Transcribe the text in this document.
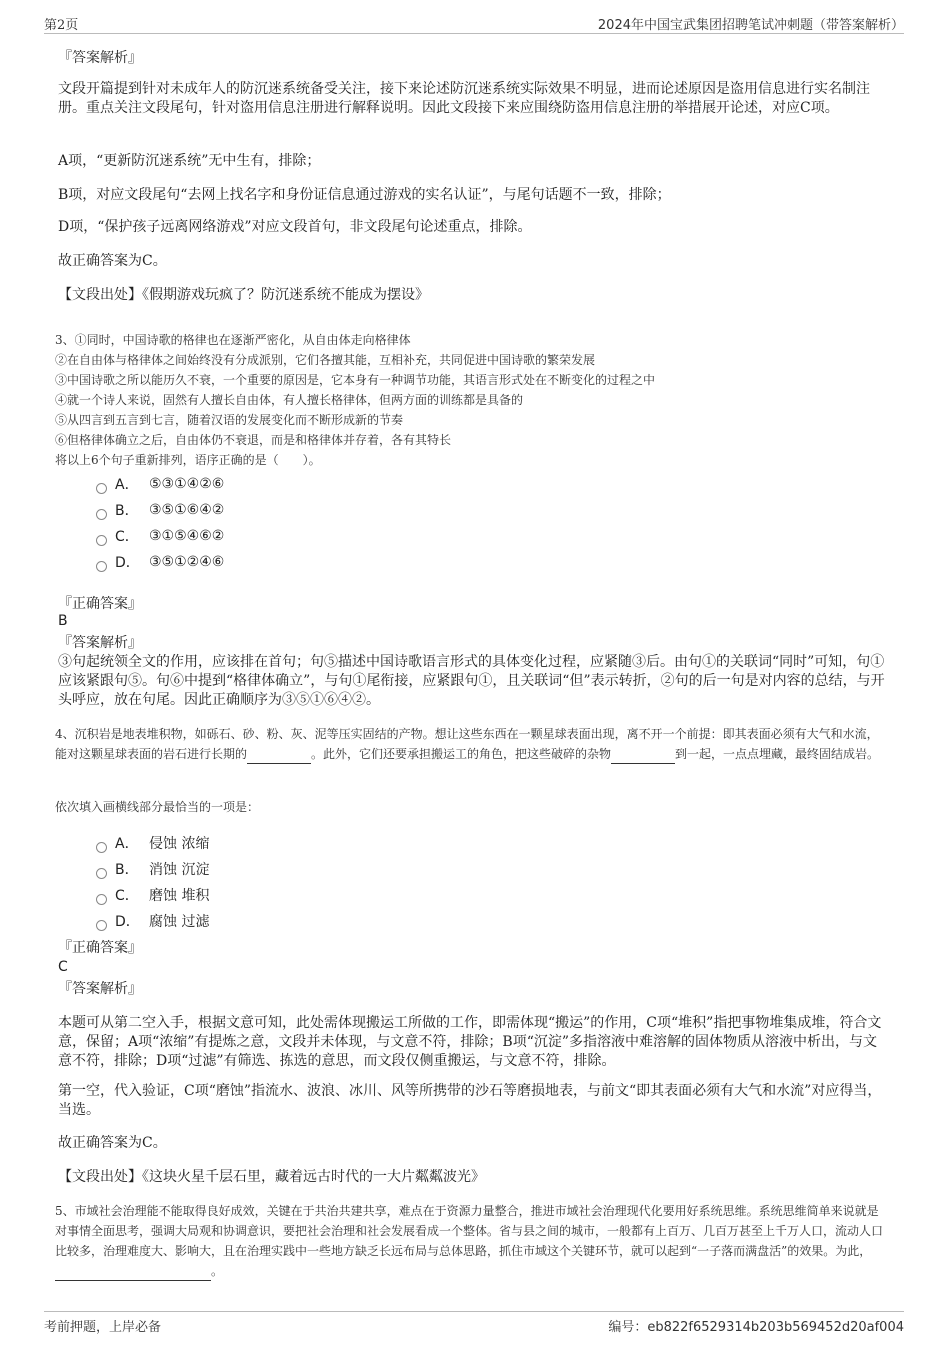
第2页	2024年中国宝武集团招聘笔试冲刺题（带答案解析）
『答案解析』
文段开篇提到针对未成年人的防沉迷系统备受关注，接下来论述防沉迷系统实际效果不明显，进而论述原因是盗用信息进行实名制注册。重点关注文段尾句，针对盗用信息注册进行解释说明。因此文段接下来应围绕防盗用信息注册的举措展开论述，对应C项。
A项，“更新防沉迷系统”无中生有，排除；
B项，对应文段尾句“去网上找名字和身份证信息通过游戏的实名认证”，与尾句话题不一致，排除；
D项，“保护孩子远离网络游戏”对应文段首句，非文段尾句论述重点，排除。
故正确答案为C。
【文段出处】《假期游戏玩疯了？防沉迷系统不能成为摆设》
3、①同时，中国诗歌的格律也在逐渐严密化，从自由体走向格律体
②在自由体与格律体之间始终没有分成派别，它们各擅其能，互相补充，共同促进中国诗歌的繁荣发展
③中国诗歌之所以能历久不衰，一个重要的原因是，它本身有一种调节功能，其语言形式处在不断变化的过程之中
④就一个诗人来说，固然有人擅长自由体，有人擅长格律体，但两方面的训练都是具备的
⑤从四言到五言到七言，随着汉语的发展变化而不断形成新的节奏
⑥但格律体确立之后，自由体仍不衰退，而是和格律体并存着，各有其特长
将以上6个句子重新排列，语序正确的是（　　）。
A． ⑤③①④②⑥
B． ③⑤①⑥④②
C． ③①⑤④⑥②
D． ③⑤①②④⑥
『正确答案』
B
『答案解析』
③句起统领全文的作用，应该排在首句；句⑤描述中国诗歌语言形式的具体变化过程，应紧随③后。由句①的关联词“同时”可知，句①应该紧跟句⑤。句⑥中提到“格律体确立”，与句①尾衔接，应紧跟句①，且关联词“但”表示转折，②句的后一句是对内容的总结，与开头呼应，放在句尾。因此正确顺序为③⑤①⑥④②。
4、沉积岩是地表堆积物，如砾石、砂、粉、灰、泥等压实固结的产物。想让这些东西在一颗星球表面出现，离不开一个前提：即其表面必须有大气和水流，能对这颗星球表面的岩石进行长期的	。此外，它们还要承担搬运工的角色，把这些破碎的杂物	到一起，一点点埋藏，最终固结成岩。
依次填入画横线部分最恰当的一项是：
A． 侵蚀 浓缩
B． 消蚀 沉淀
C． 磨蚀 堆积
D． 腐蚀 过滤
『正确答案』
C
『答案解析』
本题可从第二空入手，根据文意可知，此处需体现搬运工所做的工作，即需体现“搬运”的作用，C项“堆积”指把事物堆集成堆，符合文意，保留；A项“浓缩”有提炼之意，文段并未体现，与文意不符，排除；B项“沉淀”多指溶液中难溶解的固体物质从溶液中析出，与文意不符，排除；D项“过滤”有筛选、拣选的意思，而文段仅侧重搬运，与文意不符，排除。
第一空，代入验证，C项“磨蚀”指流水、波浪、冰川、风等所携带的沙石等磨损地表，与前文“即其表面必须有大气和水流”对应得当，当选。
故正确答案为C。
【文段出处】《这块火星千层石里，藏着远古时代的一大片粼粼波光》
5、市域社会治理能不能取得良好成效，关键在于共治共建共享，难点在于资源力量整合，推进市域社会治理现代化要用好系统思维。系统思维简单来说就是对事情全面思考，强调大局观和协调意识，要把社会治理和社会发展看成一个整体。省与县之间的城市，一般都有上百万、几百万甚至上千万人口，流动人口比较多，治理难度大、影响大，且在治理实践中一些地方缺乏长远布局与总体思路，抓住市域这个关键环节，就可以起到“一子落而满盘活”的效果。为此，。
考前押题，上岸必备	编号：eb822f6529314b203b569452d20af004
